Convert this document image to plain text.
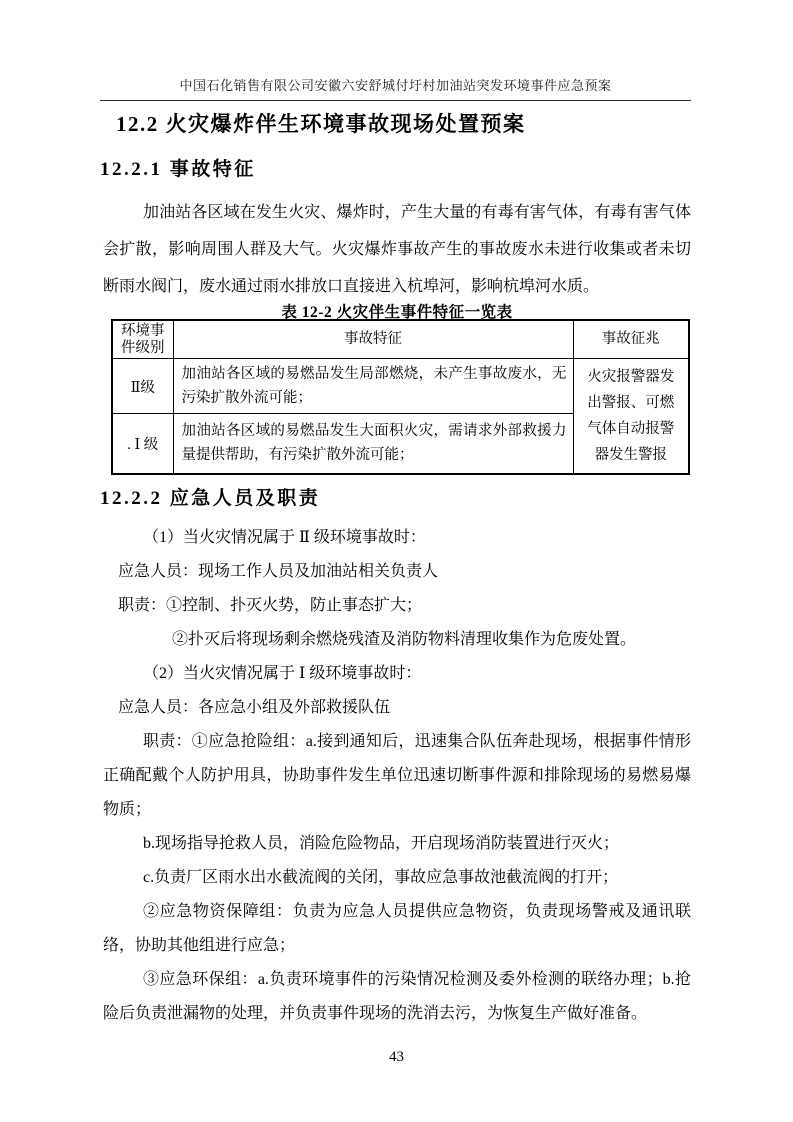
中国石化销售有限公司安徽六安舒城付圩村加油站突发环境事件应急预案
12.2 火灾爆炸伴生环境事故现场处置预案
12.2.1 事故特征
加油站各区域在发生火灾、爆炸时，产生大量的有毒有害气体，有毒有害气体会扩散，影响周围人群及大气。火灾爆炸事故产生的事故废水未进行收集或者未切断雨水阀门，废水通过雨水排放口直接进入杭埠河，影响杭埠河水质。
表 12-2 火灾伴生事件特征一览表
环境事件级别	事故特征	事故征兆
Ⅱ级	加油站各区域的易燃品发生局部燃烧，未产生事故废水，无污染扩散外流可能；	火灾报警器发出警报、可燃气体自动报警器发生警报
. Ⅰ 级	加油站各区域的易燃品发生大面积火灾，需请求外部救援力量提供帮助，有污染扩散外流可能；	
12.2.2 应急人员及职责
（1）当火灾情况属于 Ⅱ 级环境事故时：
应急人员：现场工作人员及加油站相关负责人
职责：①控制、扑灭火势，防止事态扩大；
②扑灭后将现场剩余燃烧残渣及消防物料清理收集作为危废处置。
（2）当火灾情况属于 Ⅰ 级环境事故时：
应急人员：各应急小组及外部救援队伍
职责：①应急抢险组：a.接到通知后，迅速集合队伍奔赴现场，根据事件情形正确配戴个人防护用具，协助事件发生单位迅速切断事件源和排除现场的易燃易爆物质；
b.现场指导抢救人员，消险危险物品，开启现场消防装置进行灭火；
c.负责厂区雨水出水截流阀的关闭，事故应急事故池截流阀的打开；
②应急物资保障组：负责为应急人员提供应急物资，负责现场警戒及通讯联络，协助其他组进行应急；
③应急环保组：a.负责环境事件的污染情况检测及委外检测的联络办理；b.抢险后负责泄漏物的处理，并负责事件现场的洗消去污，为恢复生产做好准备。
43
